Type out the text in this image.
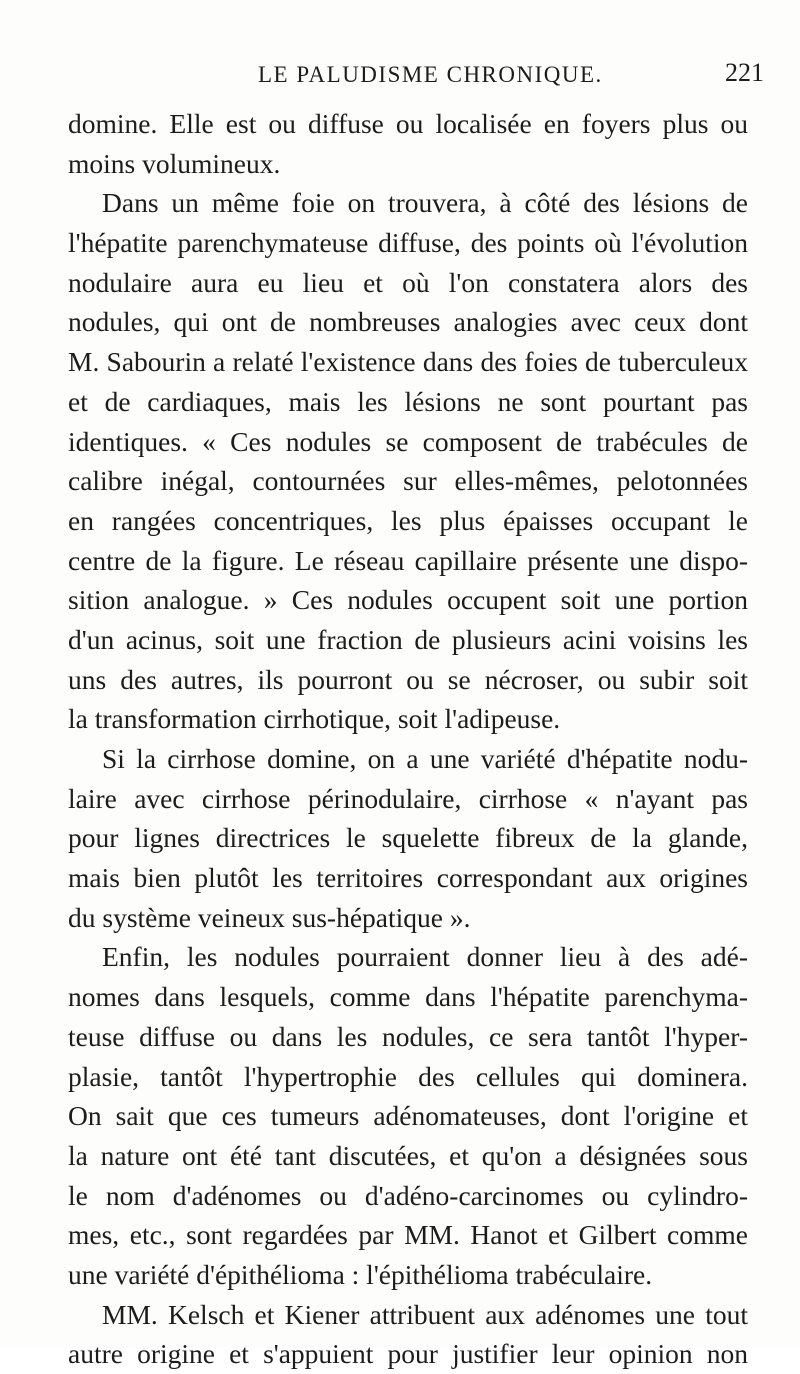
LE PALUDISME CHRONIQUE.	221
domine. Elle est ou diffuse ou localisée en foyers plus ou
moins volumineux.
Dans un même foie on trouvera, à côté des lésions de
l'hépatite parenchymateuse diffuse, des points où l'évolution
nodulaire aura eu lieu et où l'on constatera alors des
nodules, qui ont de nombreuses analogies avec ceux dont
M. Sabourin a relaté l'existence dans des foies de tuberculeux
et de cardiaques, mais les lésions ne sont pourtant pas
identiques. « Ces nodules se composent de trabécules de
calibre inégal, contournées sur elles-mêmes, pelotonnées
en rangées concentriques, les plus épaisses occupant le
centre de la figure. Le réseau capillaire présente une dispo-
sition analogue. » Ces nodules occupent soit une portion
d'un acinus, soit une fraction de plusieurs acini voisins les
uns des autres, ils pourront ou se nécroser, ou subir soit
la transformation cirrhotique, soit l'adipeuse.
Si la cirrhose domine, on a une variété d'hépatite nodu-
laire avec cirrhose périnodulaire, cirrhose « n'ayant pas
pour lignes directrices le squelette fibreux de la glande,
mais bien plutôt les territoires correspondant aux origines
du système veineux sus-hépatique ».
Enfin, les nodules pourraient donner lieu à des adé-
nomes dans lesquels, comme dans l'hépatite parenchyma-
teuse diffuse ou dans les nodules, ce sera tantôt l'hyper-
plasie, tantôt l'hypertrophie des cellules qui dominera.
On sait que ces tumeurs adénomateuses, dont l'origine et
la nature ont été tant discutées, et qu'on a désignées sous
le nom d'adénomes ou d'adéno-carcinomes ou cylindro-
mes, etc., sont regardées par MM. Hanot et Gilbert comme
une variété d'épithélioma : l'épithélioma trabéculaire.
MM. Kelsch et Kiener attribuent aux adénomes une tout
autre origine et s'appuient pour justifier leur opinion non
